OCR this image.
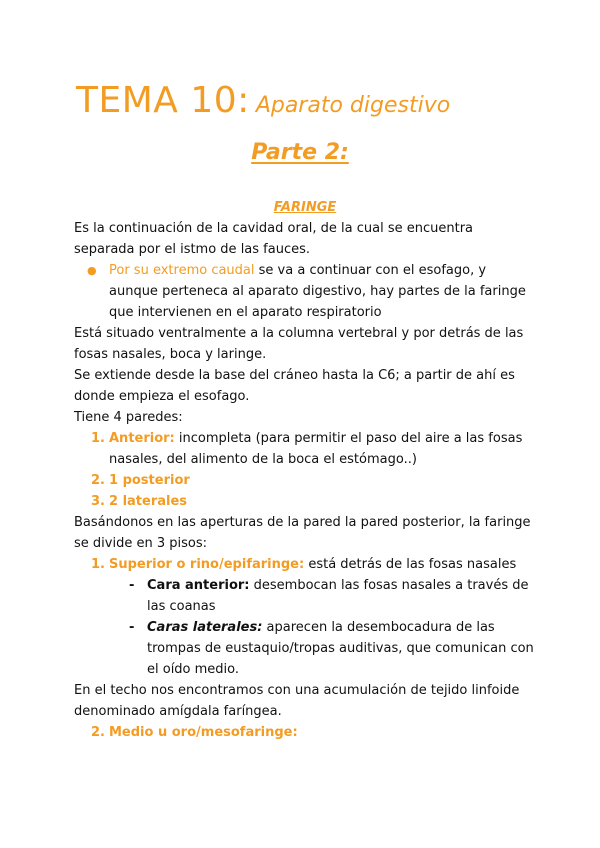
TEMA 10: Aparato digestivo
Parte 2:

FARINGE

Es la continuación de la cavidad oral, de la cual se encuentra separada por el istmo de las fauces.

● Por su extremo caudal se va a continuar con el esofago, y aunque perteneca al aparato digestivo, hay partes de la faringe que intervienen en el aparato respiratorio

Está situado ventralmente a la columna vertebral y por detrás de las fosas nasales, boca y laringe.

Se extiende desde la base del cráneo hasta la C6; a partir de ahí es donde empieza el esofago.

Tiene 4 paredes:

1. Anterior: incompleta (para permitir el paso del aire a las fosas nasales, del alimento de la boca el estómago..)

2. 1 posterior

3. 2 laterales

Basándonos en las aperturas de la pared la pared posterior, la faringe se divide en 3 pisos:

1. Superior o rino/epifaringe: está detrás de las fosas nasales

- Cara anterior: desembocan las fosas nasales a través de las coanas

- Caras laterales: aparecen la desembocadura de las trompas de eustaquio/tropas auditivas, que comunican con el oído medio.

En el techo nos encontramos con una acumulación de tejido linfoide denominado amígdala faríngea.

2. Medio u oro/mesofaringe:
